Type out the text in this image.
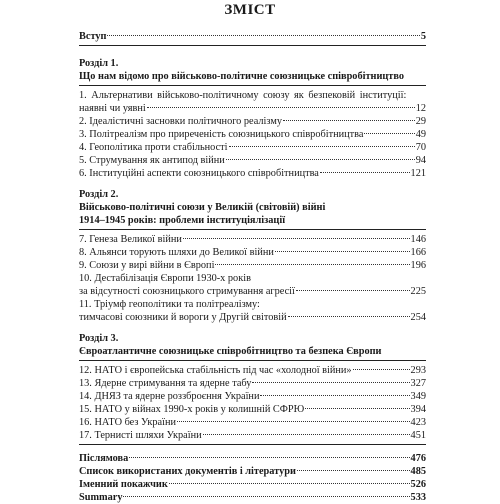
ЗМІСТ
Вступ	5
Розділ 1.
Що нам відомо про військово-політичне союзницьке співробітництво
1. Альтернативи військово-політичному союзу як безпековій інституції:
наявні чи уявні	12
2. Ідеалістичні засновки політичного реалізму	29
3. Політреалізм про приреченість союзницького співробітництва	49
4. Геополітика проти стабільності	70
5. Струмування як антипод війни	94
6. Інституційні аспекти союзницького співробітництва	121
Розділ 2.
Військово-політичні союзи у Великій (світовій) війні
1914–1945 років: проблеми інституціялізації
7. Генеза Великої війни	146
8. Альянси торують шляхи до Великої війни	166
9. Союзи у вирі війни в Європі	196
10. Дестабілізація Європи 1930-х років
за відсутності союзницького стримування агресії	225
11. Тріумф геополітики та політреалізму:
тимчасові союзники й вороги у Другій світовій	254
Розділ 3.
Євроатлантичне союзницьке співробітництво та безпека Європи
12. НАТО і європейська стабільність під час «холодної війни»	293
13. Ядерне стримування та ядерне табу	327
14. ДНЯЗ та ядерне роззброєння України	349
15. НАТО у війнах 1990-х років у колишній СФРЮ	394
16. НАТО без України	423
17. Тернисті шляхи України	451
Післямова	476
Список використаних документів і літератури	485
Іменний покажчик	526
Summary	533
